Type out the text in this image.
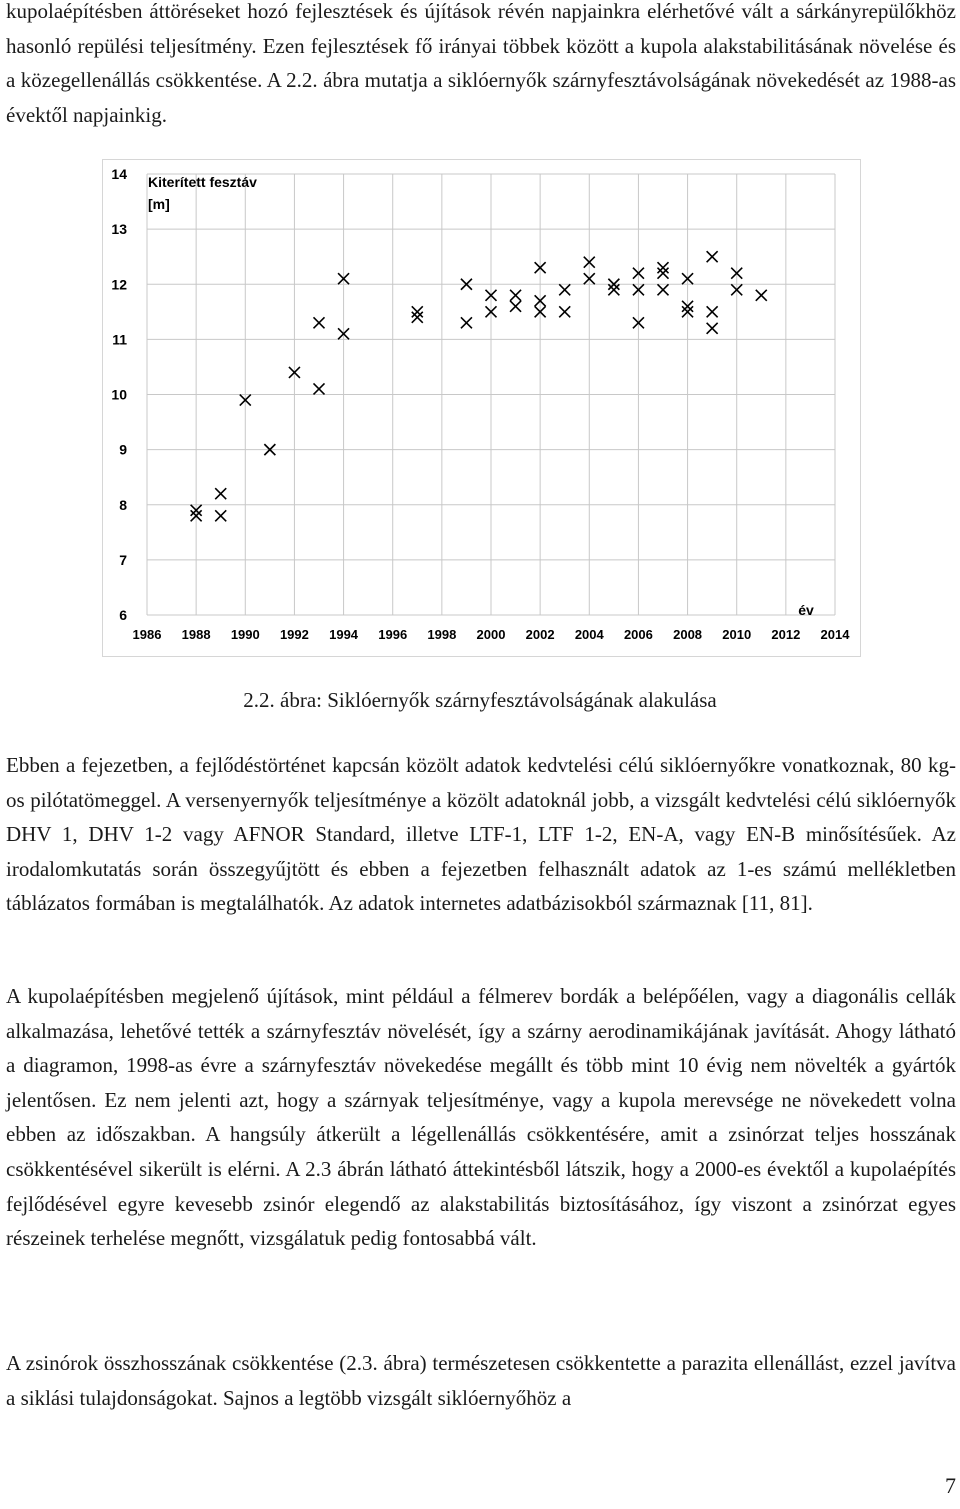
kupolaépítésben áttöréseket hozó fejlesztések és újítások révén napjainkra elérhetővé vált a sárkányrepülőkhöz hasonló repülési teljesítmény. Ezen fejlesztések fő irányai többek között a kupola alakstabilitásának növelése és a közegellenállás csökkentése. A 2.2. ábra mutatja a siklóernyők szárnyfesztávolságának növekedését az 1988-as évektől napjainkig.

6
7
8
9
10
11
12
13
14
1986 1988 1990 1992 1994 1996 1998 2000 2002 2004 2006 2008 2010 2012 2014
Kiterített fesztáv
[m]
év
2.2. ábra: Siklóernyők szárnyfesztávolságának alakulása

Ebben a fejezetben, a fejlődéstörténet kapcsán közölt adatok kedvtelési célú siklóernyőkre vonatkoznak, 80 kg-os pilótatömeggel. A versenyernyők teljesítménye a közölt adatoknál jobb, a vizsgált kedvtelési célú siklóernyők DHV 1, DHV 1-2 vagy AFNOR Standard, illetve LTF-1, LTF 1-2, EN-A, vagy EN-B minősítésűek. Az irodalomkutatás során összegyűjtött és ebben a fejezetben felhasznált adatok az 1-es számú mellékletben táblázatos formában is megtalálhatók. Az adatok internetes adatbázisokból származnak [11, 81].

A kupolaépítésben megjelenő újítások, mint például a félmerev bordák a belépőélen, vagy a diagonális cellák alkalmazása, lehetővé tették a szárnyfesztáv növelését, így a szárny aerodinamikájának javítását. Ahogy látható a diagramon, 1998-as évre a szárnyfesztáv növekedése megállt és több mint 10 évig nem növelték a gyártók jelentősen. Ez nem jelenti azt, hogy a szárnyak teljesítménye, vagy a kupola merevsége ne növekedett volna ebben az időszakban. A hangsúly átkerült a légellenállás csökkentésére, amit a zsinórzat teljes hosszának csökkentésével sikerült is elérni. A 2.3 ábrán látható áttekintésből látszik, hogy a 2000-es évektől a kupolaépítés fejlődésével egyre kevesebb zsinór elegendő az alakstabilitás biztosításához, így viszont a zsinórzat egyes részeinek terhelése megnőtt, vizsgálatuk pedig fontosabbá vált.

A zsinórok összhosszának csökkentése (2.3. ábra) természetesen csökkentette a parazita ellenállást, ezzel javítva a siklási tulajdonságokat. Sajnos a legtöbb vizsgált siklóernyőhöz a

7
